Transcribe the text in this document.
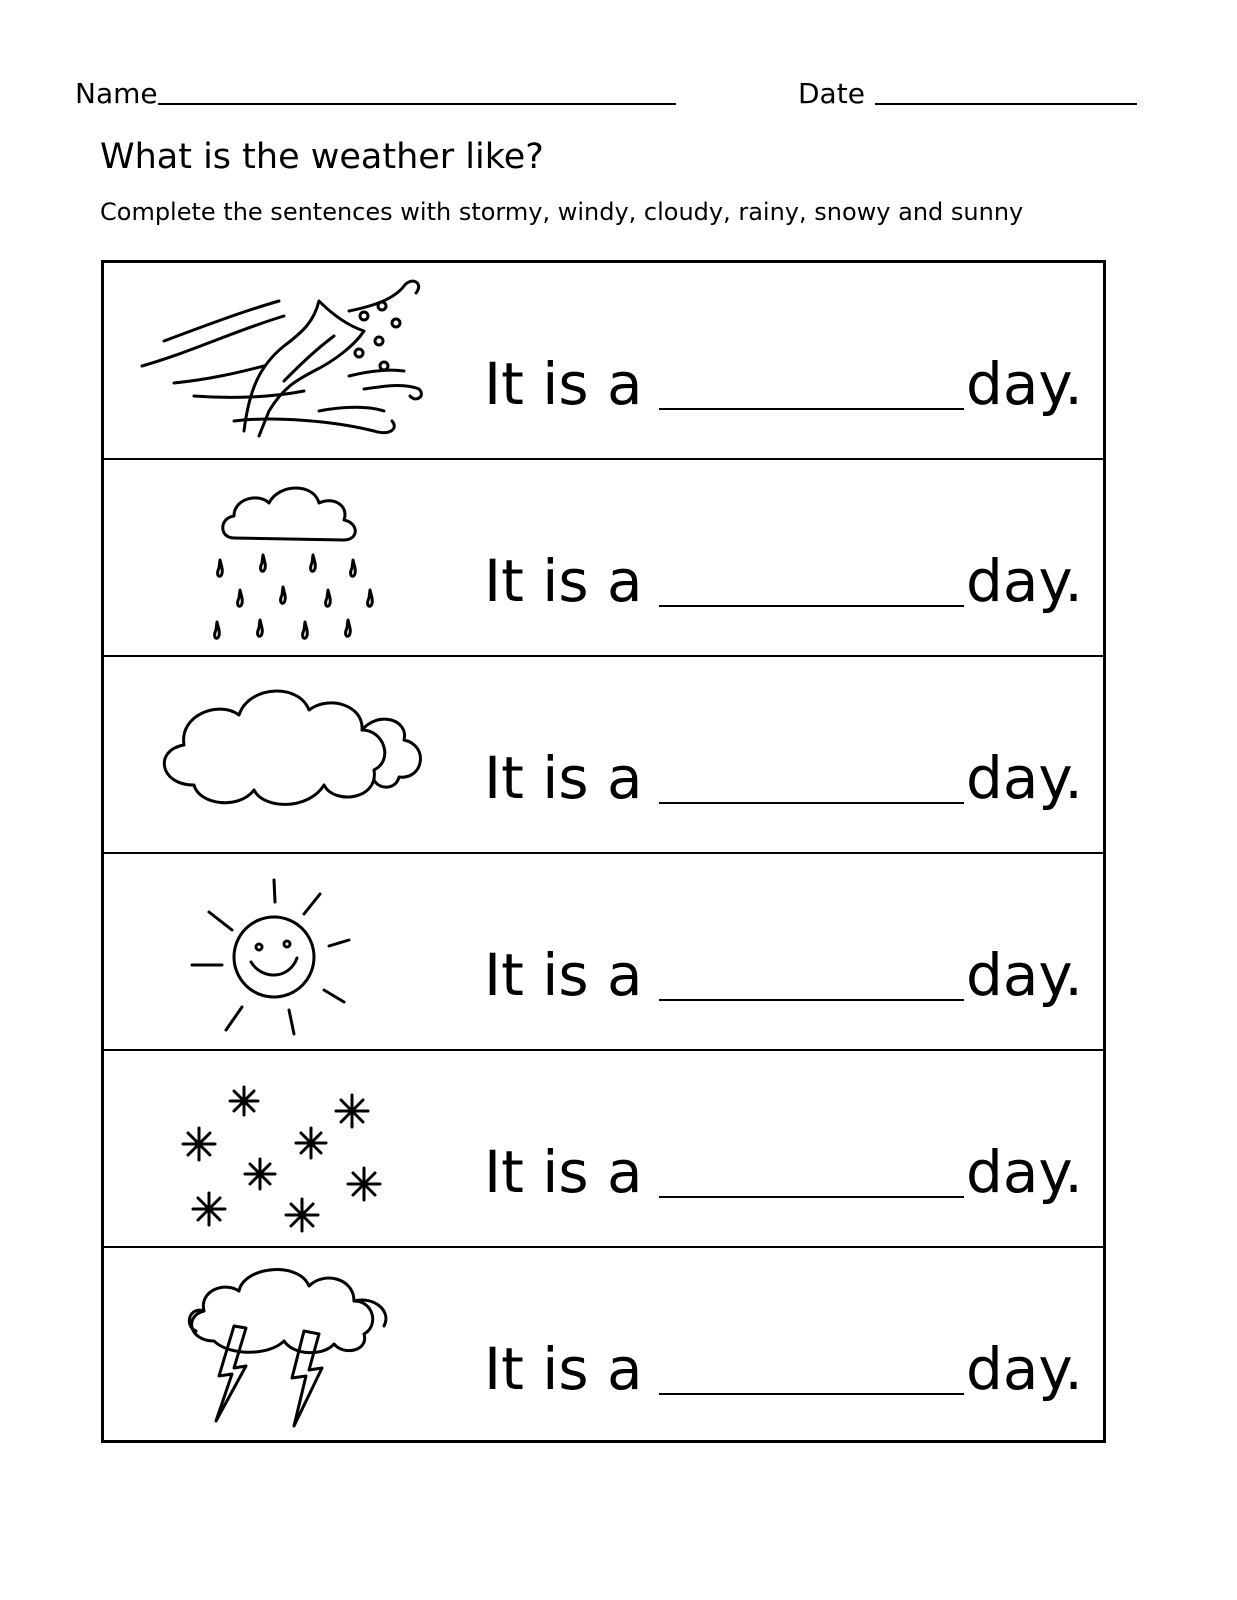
Name	Date
What is the weather like?
Complete the sentences with stormy, windy, cloudy, rainy, snowy and sunny
It is a	day.
It is a	day.
It is a	day.
It is a	day.
It is a	day.
It is a	day.
